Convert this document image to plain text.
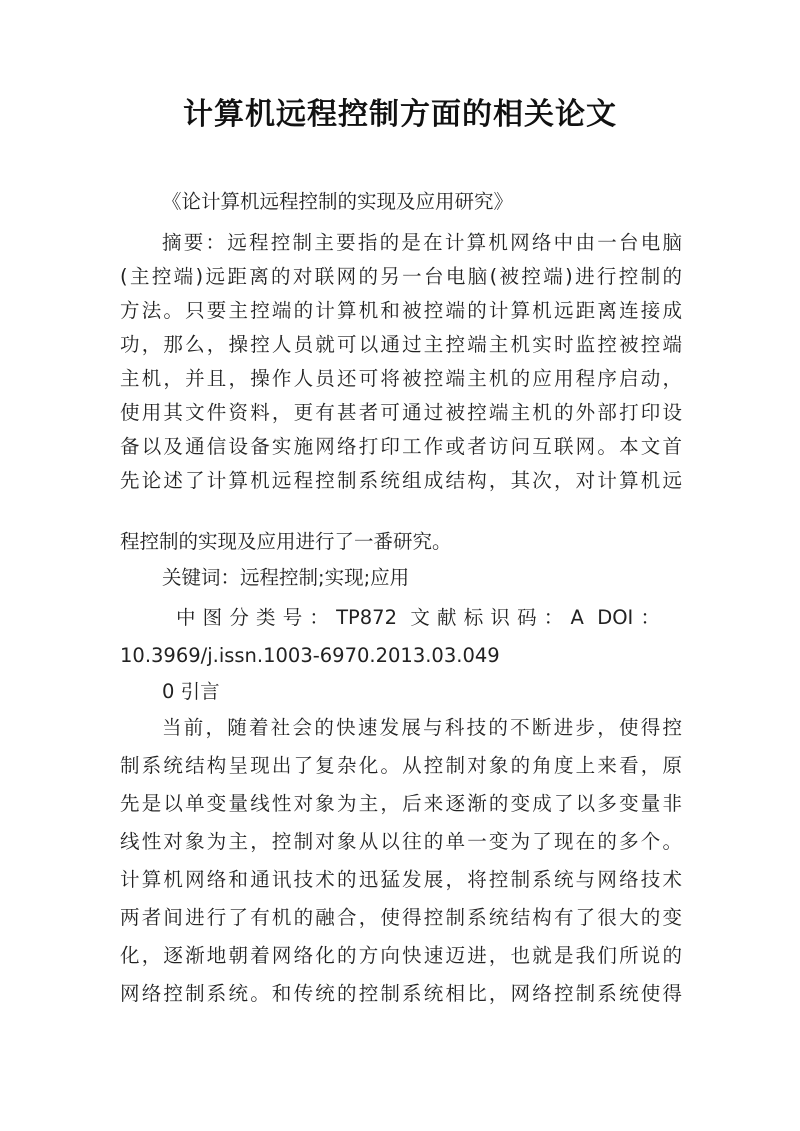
计算机远程控制方面的相关论文
《论计算机远程控制的实现及应用研究》
摘要：远程控制主要指的是在计算机网络中由一台电脑
(主控端)远距离的对联网的另一台电脑(被控端)进行控制的
方法。只要主控端的计算机和被控端的计算机远距离连接成
功，那么，操控人员就可以通过主控端主机实时监控被控端
主机，并且，操作人员还可将被控端主机的应用程序启动，
使用其文件资料，更有甚者可通过被控端主机的外部打印设
备以及通信设备实施网络打印工作或者访问互联网。本文首
先论述了计算机远程控制系统组成结构，其次，对计算机远
程控制的实现及应用进行了一番研究。
关键词：远程控制;实现;应用
中图分类号：TP872 文献标识码：A DOI：
10.3969/j.issn.1003-6970.2013.03.049
0 引言
当前，随着社会的快速发展与科技的不断进步，使得控
制系统结构呈现出了复杂化。从控制对象的角度上来看，原
先是以单变量线性对象为主，后来逐渐的变成了以多变量非
线性对象为主，控制对象从以往的单一变为了现在的多个。
计算机网络和通讯技术的迅猛发展，将控制系统与网络技术
两者间进行了有机的融合，使得控制系统结构有了很大的变
化，逐渐地朝着网络化的方向快速迈进，也就是我们所说的
网络控制系统。和传统的控制系统相比，网络控制系统使得
